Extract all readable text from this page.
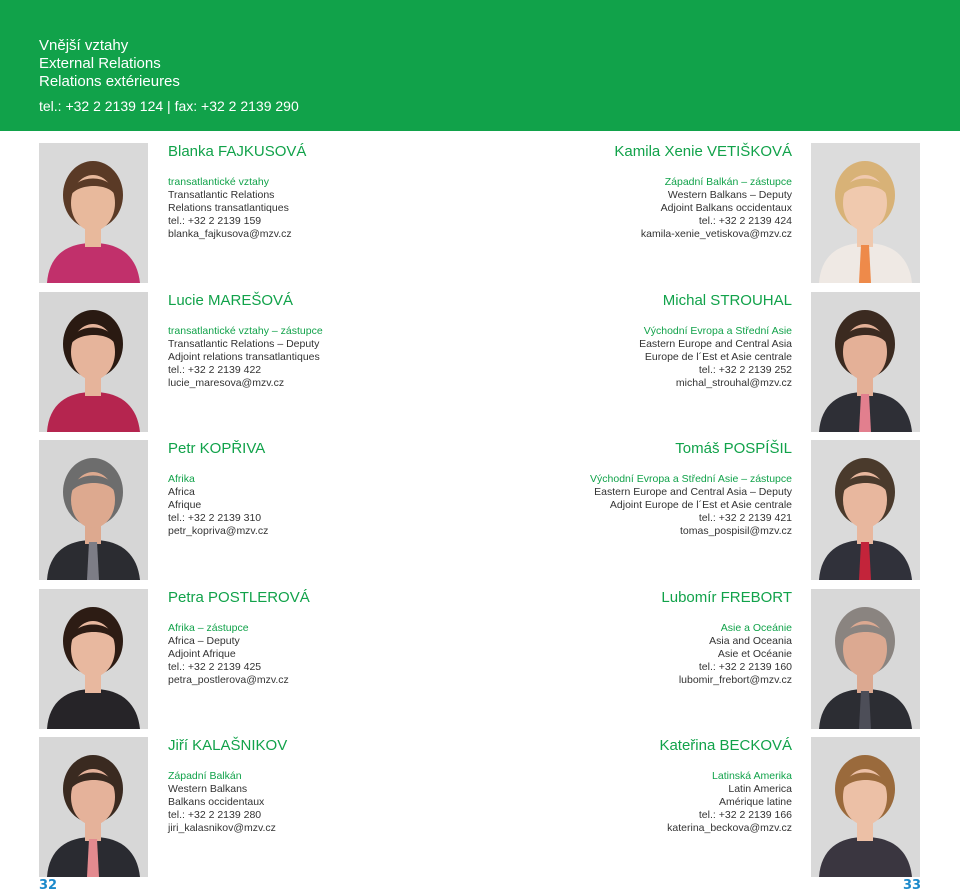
Vnější vztahy
External Relations
Relations extérieures
tel.: +32 2 2139 124 | fax: +32 2 2139 290
Blanka FAJKUSOVÁ
transatlantické vztahy
Transatlantic Relations
Relations transatlantiques
tel.: +32 2 2139 159
blanka_fajkusova@mzv.cz
Kamila Xenie VETIŠKOVÁ
Západní Balkán – zástupce
Western Balkans – Deputy
Adjoint Balkans occidentaux
tel.: +32 2 2139 424
kamila-xenie_vetiskova@mzv.cz
Lucie MAREŠOVÁ
transatlantické vztahy – zástupce
Transatlantic Relations – Deputy
Adjoint relations transatlantiques
tel.: +32 2 2139 422
lucie_maresova@mzv.cz
Michal STROUHAL
Východní Evropa a Střední Asie
Eastern Europe and Central Asia
Europe de l´Est et Asie centrale
tel.: +32 2 2139 252
michal_strouhal@mzv.cz
Petr KOPŘIVA
Afrika
Africa
Afrique
tel.: +32 2 2139 310
petr_kopriva@mzv.cz
Tomáš POSPÍŠIL
Východní Evropa a Střední Asie – zástupce
Eastern Europe and Central Asia – Deputy
Adjoint Europe de l´Est et Asie centrale
tel.: +32 2 2139 421
tomas_pospisil@mzv.cz
Petra POSTLEROVÁ
Afrika – zástupce
Africa – Deputy
Adjoint Afrique
tel.: +32 2 2139 425
petra_postlerova@mzv.cz
Lubomír FREBORT
Asie a Oceánie
Asia and Oceania
Asie et Océanie
tel.: +32 2 2139 160
lubomir_frebort@mzv.cz
Jiří KALAŠNIKOV
Západní Balkán
Western Balkans
Balkans occidentaux
tel.: +32 2 2139 280
jiri_kalasnikov@mzv.cz
Kateřina BECKOVÁ
Latinská Amerika
Latin America
Amérique latine
tel.: +32 2 2139 166
katerina_beckova@mzv.cz
32	33
